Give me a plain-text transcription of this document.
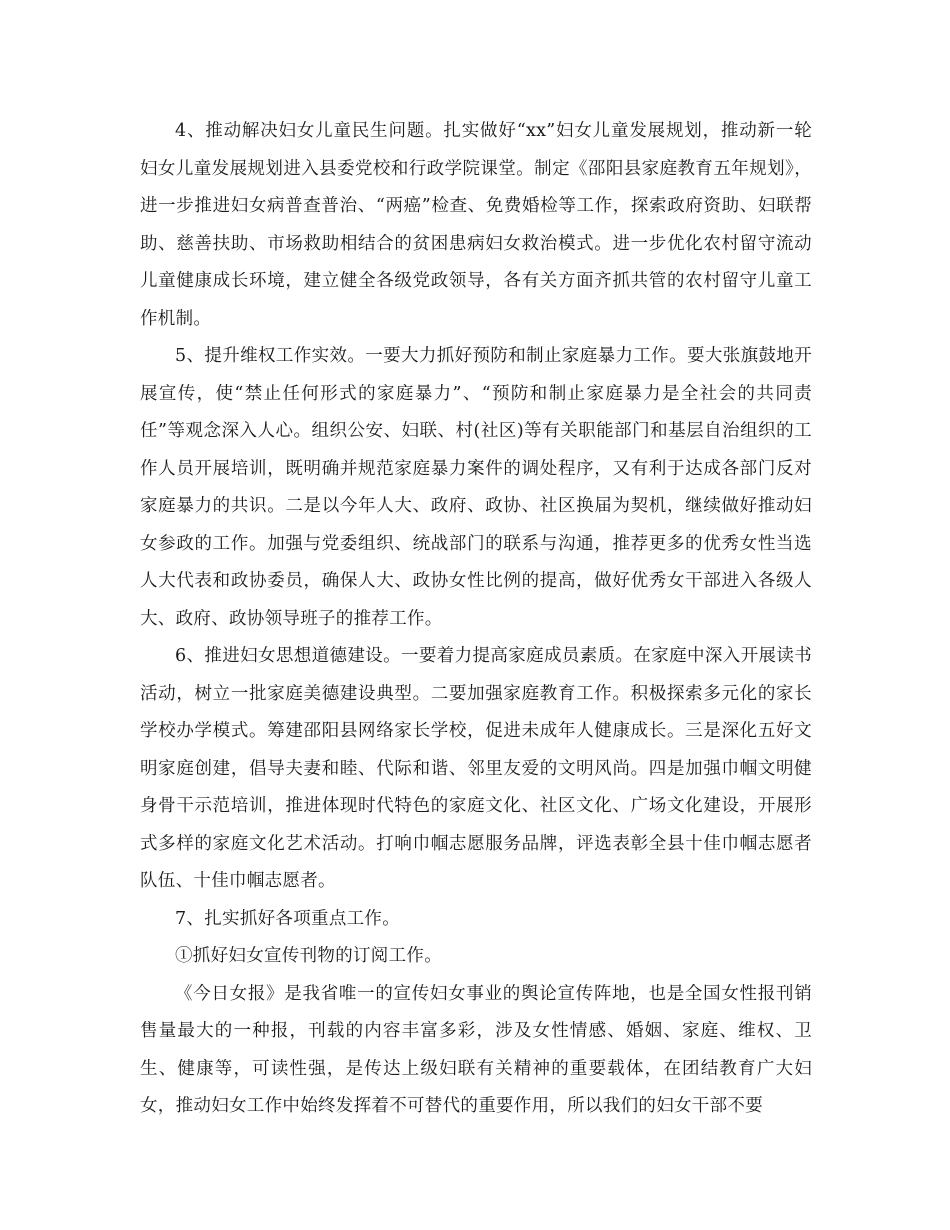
4、推动解决妇女儿童民生问题。扎实做好“xx”妇女儿童发展规划，推动新一轮妇女儿童发展规划进入县委党校和行政学院课堂。制定《邵阳县家庭教育五年规划》，进一步推进妇女病普查普治、“两癌”检查、免费婚检等工作，探索政府资助、妇联帮助、慈善扶助、市场救助相结合的贫困患病妇女救治模式。进一步优化农村留守流动儿童健康成长环境，建立健全各级党政领导，各有关方面齐抓共管的农村留守儿童工作机制。

5、提升维权工作实效。一要大力抓好预防和制止家庭暴力工作。要大张旗鼓地开展宣传，使“禁止任何形式的家庭暴力”、“预防和制止家庭暴力是全社会的共同责任”等观念深入人心。组织公安、妇联、村(社区)等有关职能部门和基层自治组织的工作人员开展培训，既明确并规范家庭暴力案件的调处程序，又有利于达成各部门反对家庭暴力的共识。二是以今年人大、政府、政协、社区换届为契机，继续做好推动妇女参政的工作。加强与党委组织、统战部门的联系与沟通，推荐更多的优秀女性当选人大代表和政协委员，确保人大、政协女性比例的提高，做好优秀女干部进入各级人大、政府、政协领导班子的推荐工作。

6、推进妇女思想道德建设。一要着力提高家庭成员素质。在家庭中深入开展读书活动，树立一批家庭美德建设典型。二要加强家庭教育工作。积极探索多元化的家长学校办学模式。筹建邵阳县网络家长学校，促进未成年人健康成长。三是深化五好文明家庭创建，倡导夫妻和睦、代际和谐、邻里友爱的文明风尚。四是加强巾帼文明健身骨干示范培训，推进体现时代特色的家庭文化、社区文化、广场文化建设，开展形式多样的家庭文化艺术活动。打响巾帼志愿服务品牌，评选表彰全县十佳巾帼志愿者队伍、十佳巾帼志愿者。

7、扎实抓好各项重点工作。

①抓好妇女宣传刊物的订阅工作。

《今日女报》是我省唯一的宣传妇女事业的舆论宣传阵地，也是全国女性报刊销售量最大的一种报，刊载的内容丰富多彩，涉及女性情感、婚姻、家庭、维权、卫生、健康等，可读性强，是传达上级妇联有关精神的重要载体，在团结教育广大妇女，推动妇女工作中始终发挥着不可替代的重要作用，所以我们的妇女干部不要
